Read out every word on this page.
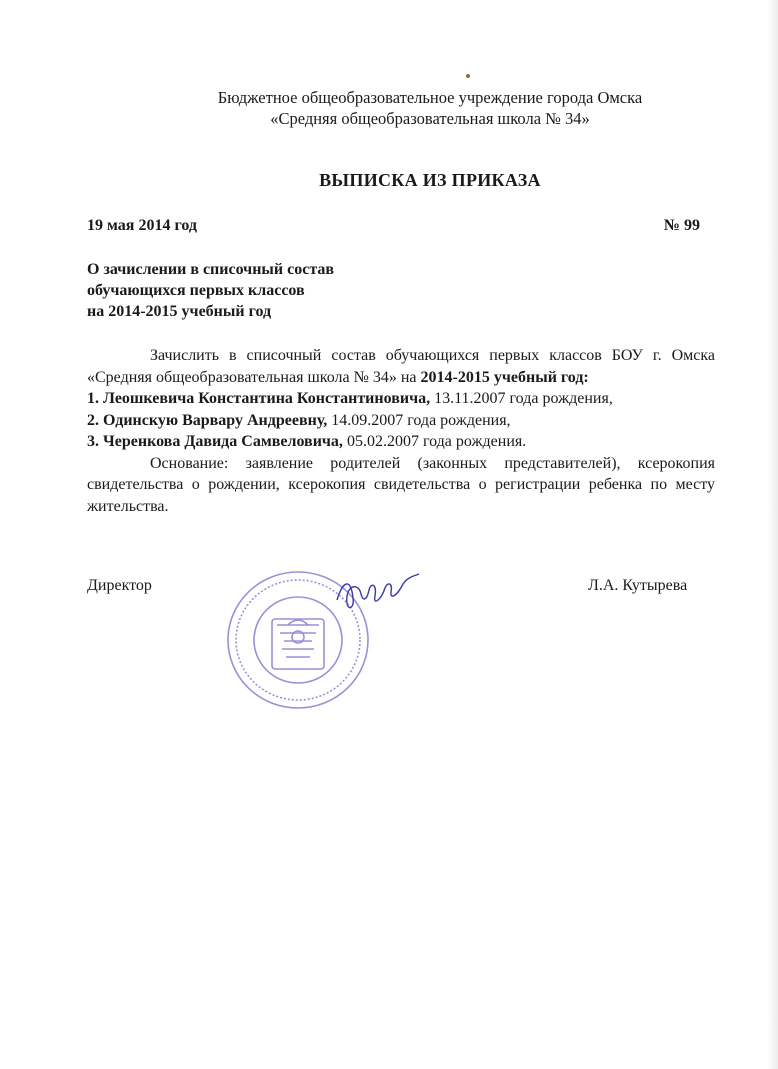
Бюджетное общеобразовательное учреждение города Омска
«Средняя общеобразовательная школа № 34»
ВЫПИСКА ИЗ ПРИКАЗА
19 мая 2014 год	№ 99
О зачислении в списочный состав
обучающихся первых классов
на 2014-2015 учебный год

Зачислить в списочный состав обучающихся первых классов БОУ г. Омска «Средняя общеобразовательная школа № 34» на 2014-2015 учебный год:

1. Леошкевича Константина Константиновича, 13.11.2007 года рождения,

2. Одинскую Варвару Андреевну, 14.09.2007 года рождения,

3. Черенкова Давида Самвеловича, 05.02.2007 года рождения.

Основание: заявление родителей (законных представителей), ксерокопия свидетельства о рождении, ксерокопия свидетельства о регистрации ребенка по месту жительства.

Директор	Л.А. Кутырева
